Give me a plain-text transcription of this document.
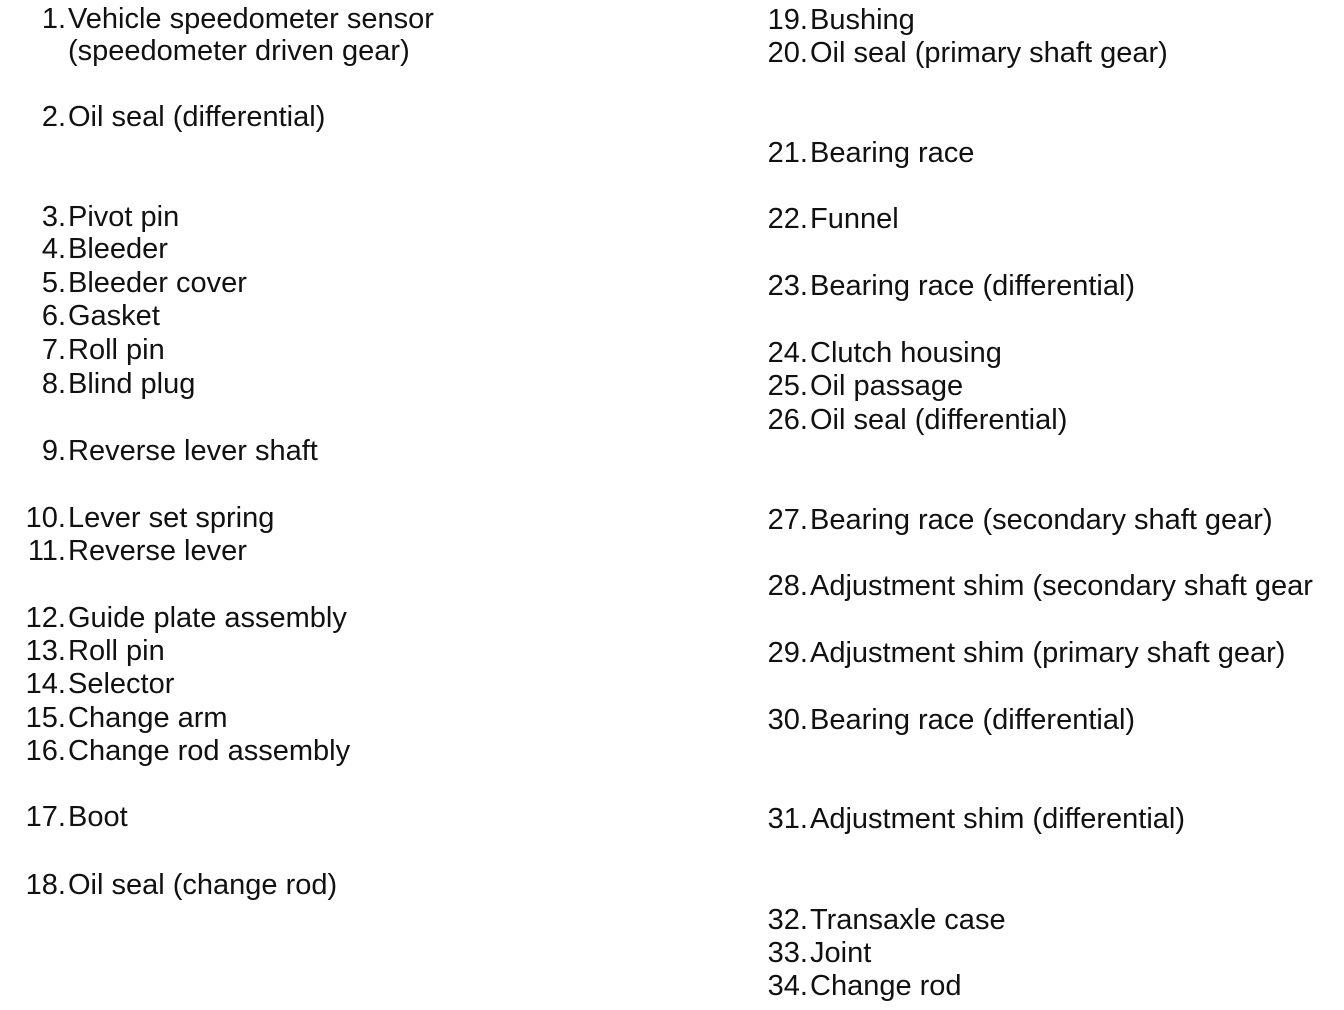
1.Vehicle speedometer sensor
(speedometer driven gear)
2.Oil seal (differential)
3.Pivot pin
4.Bleeder
5.Bleeder cover
6.Gasket
7.Roll pin
8.Blind plug
9.Reverse lever shaft
10.Lever set spring
11.Reverse lever
12.Guide plate assembly
13.Roll pin
14.Selector
15.Change arm
16.Change rod assembly
17.Boot
18.Oil seal (change rod)
19.Bushing
20.Oil seal (primary shaft gear)
21.Bearing race
22.Funnel
23.Bearing race (differential)
24.Clutch housing
25.Oil passage
26.Oil seal (differential)
27.Bearing race (secondary shaft gear)
28.Adjustment shim (secondary shaft gear
29.Adjustment shim (primary shaft gear)
30.Bearing race (differential)
31.Adjustment shim (differential)
32.Transaxle case
33.Joint
34.Change rod
